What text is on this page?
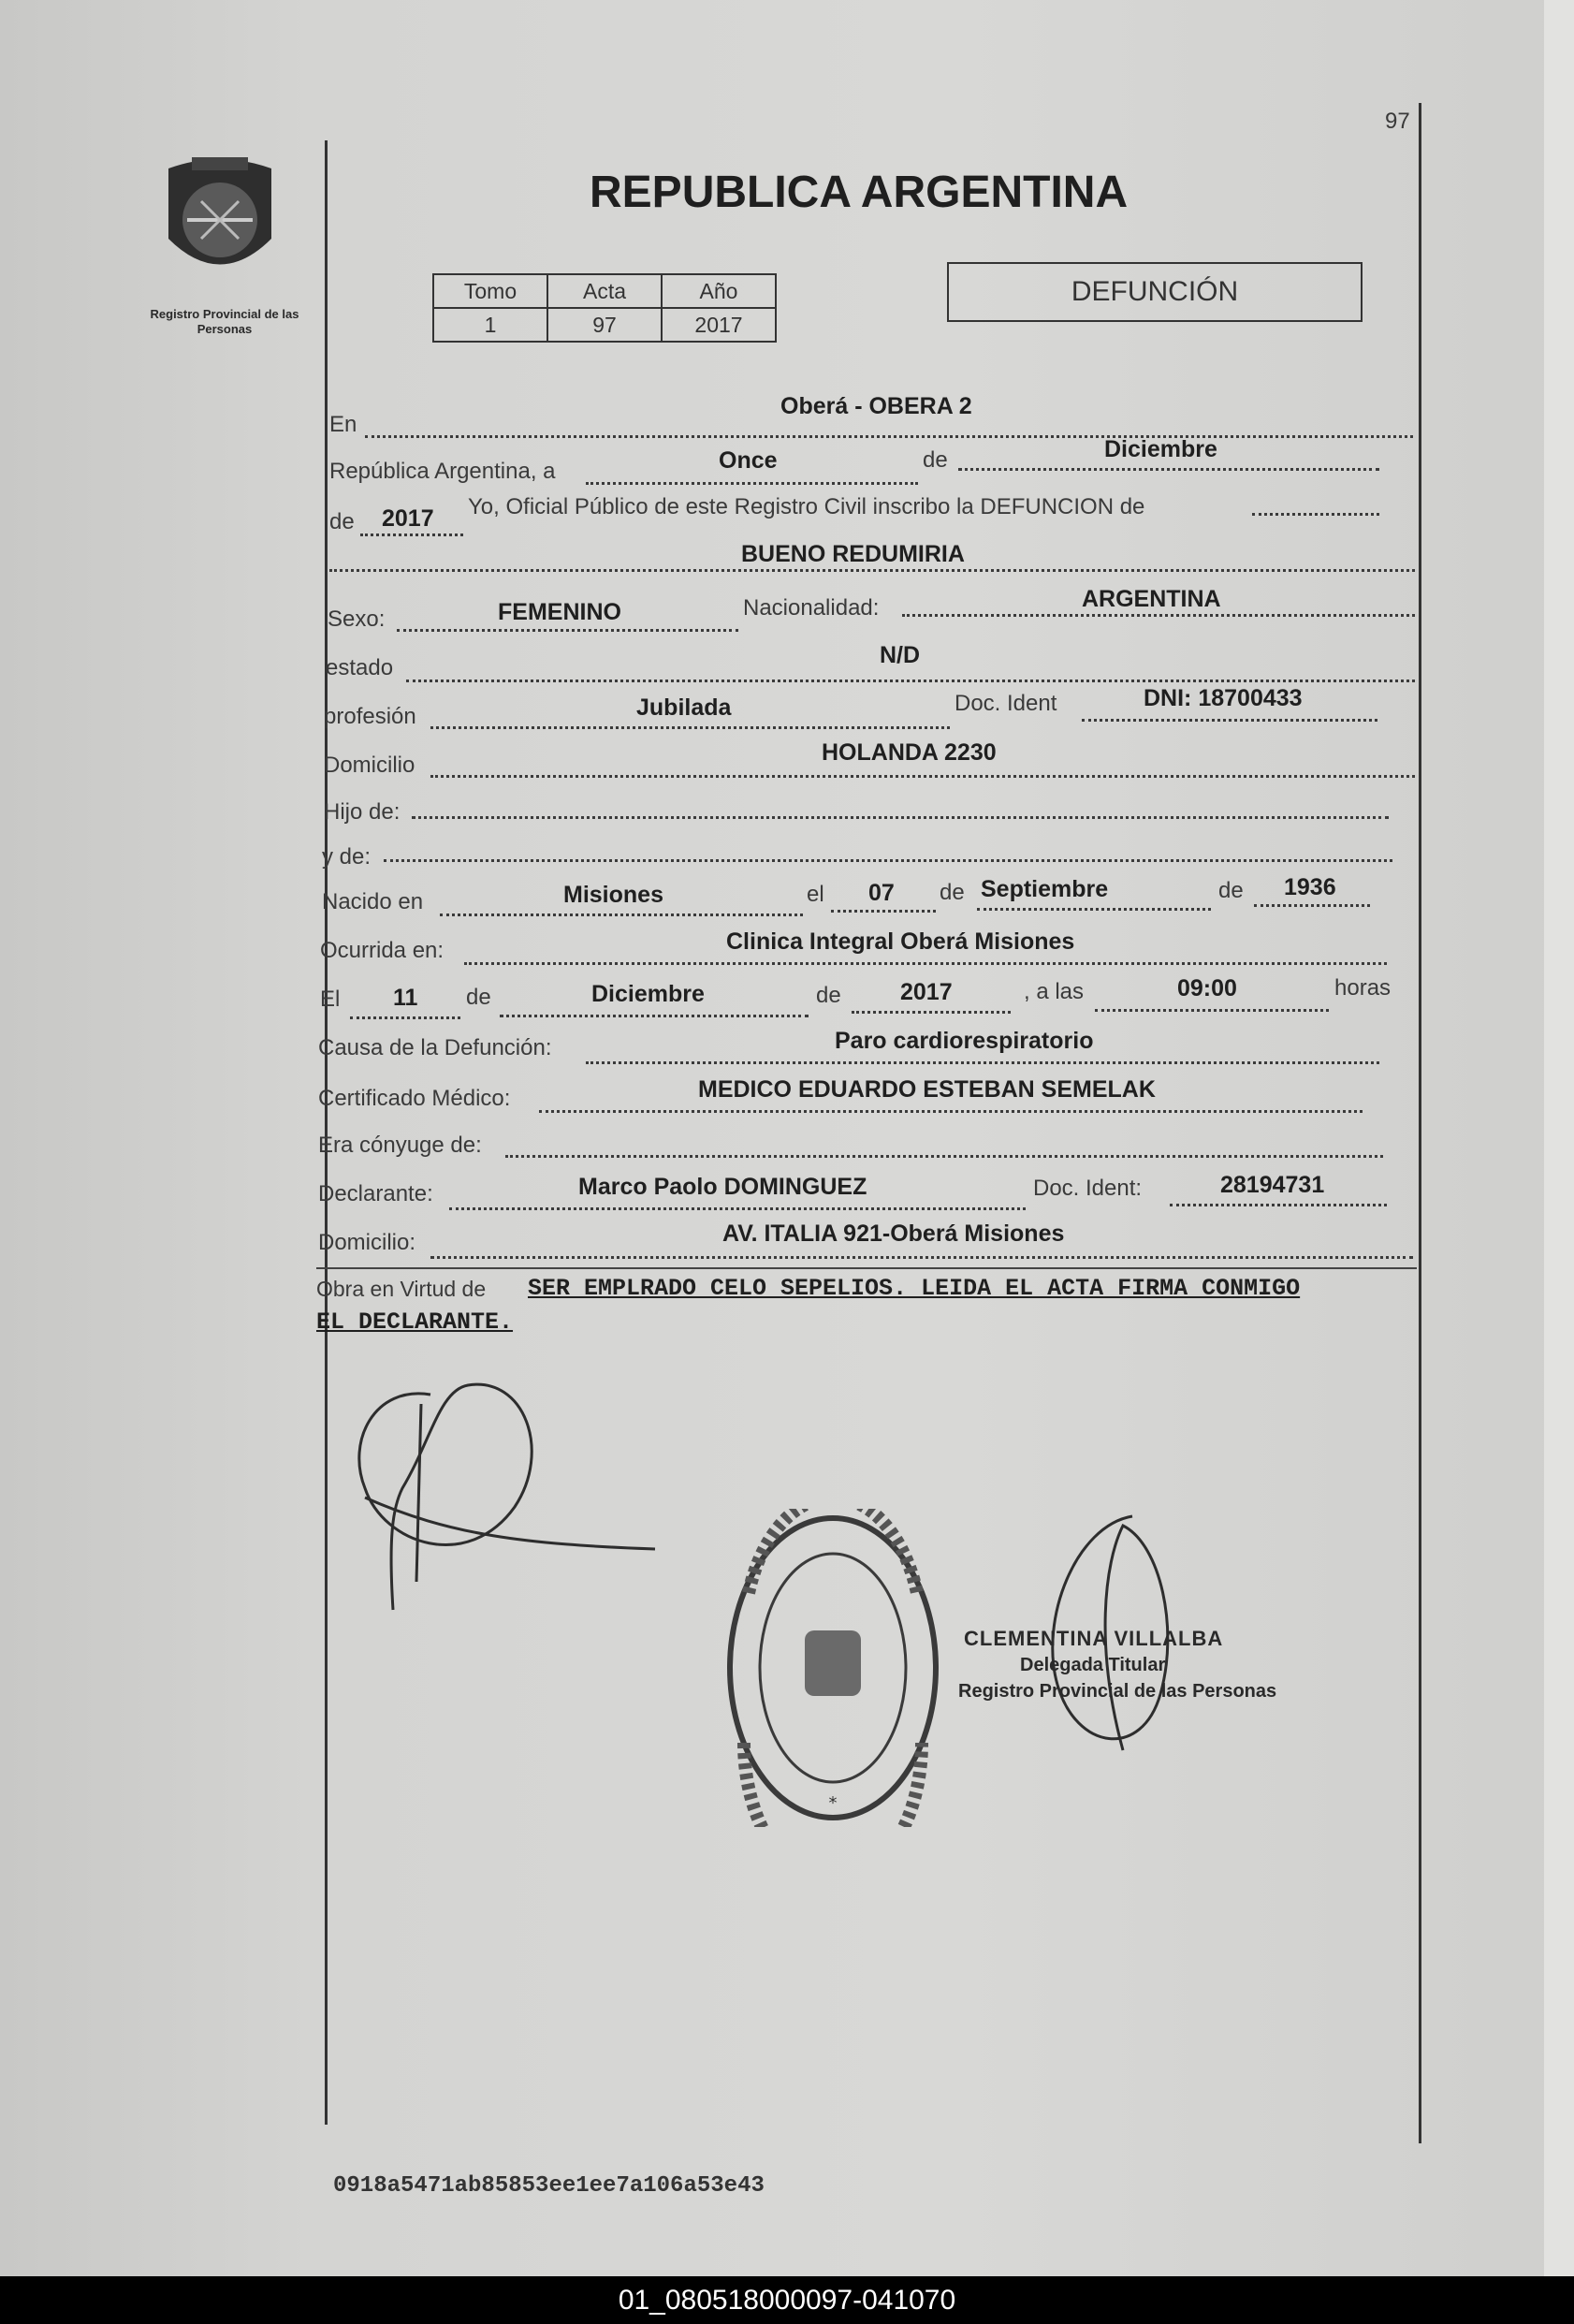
97
Registro Provincial de las Personas
REPUBLICA ARGENTINA
Tomo	Acta	Año
1	97	2017
DEFUNCIÓN
En
Oberá - OBERA 2
República Argentina, a	Once	de	Diciembre
de 2017 Yo, Oficial Público de este Registro Civil inscribo la DEFUNCION de
BUENO REDUMIRIA
Sexo:	FEMENINO	Nacionalidad:	ARGENTINA
estado	N/D
profesión	Jubilada	Doc. Ident	DNI: 18700433
Domicilio	HOLANDA 2230
Hijo de:
y de:
Nacido en	Misiones	el 07 de Septiembre	de 1936
Ocurrida en:	Clinica Integral Oberá Misiones
El 11 de	Diciembre	de	2017	, a las	09:00	horas
Causa de la Defunción:	Paro cardiorespiratorio
Certificado Médico:	MEDICO EDUARDO ESTEBAN SEMELAK
Era cónyuge de:
Declarante:	Marco Paolo DOMINGUEZ	Doc. Ident:	28194731
Domicilio:	AV. ITALIA 921-Oberá Misiones
Obra en Virtud de SER EMPLRADO CELO SEPELIOS. LEIDA EL ACTA FIRMA CONMIGO
EL DECLARANTE.
*
CLEMENTINA VILLALBA
Delegada Titular
Registro Provincial de las Personas
0918a5471ab85853ee1ee7a106a53e43
01_080518000097-041070
